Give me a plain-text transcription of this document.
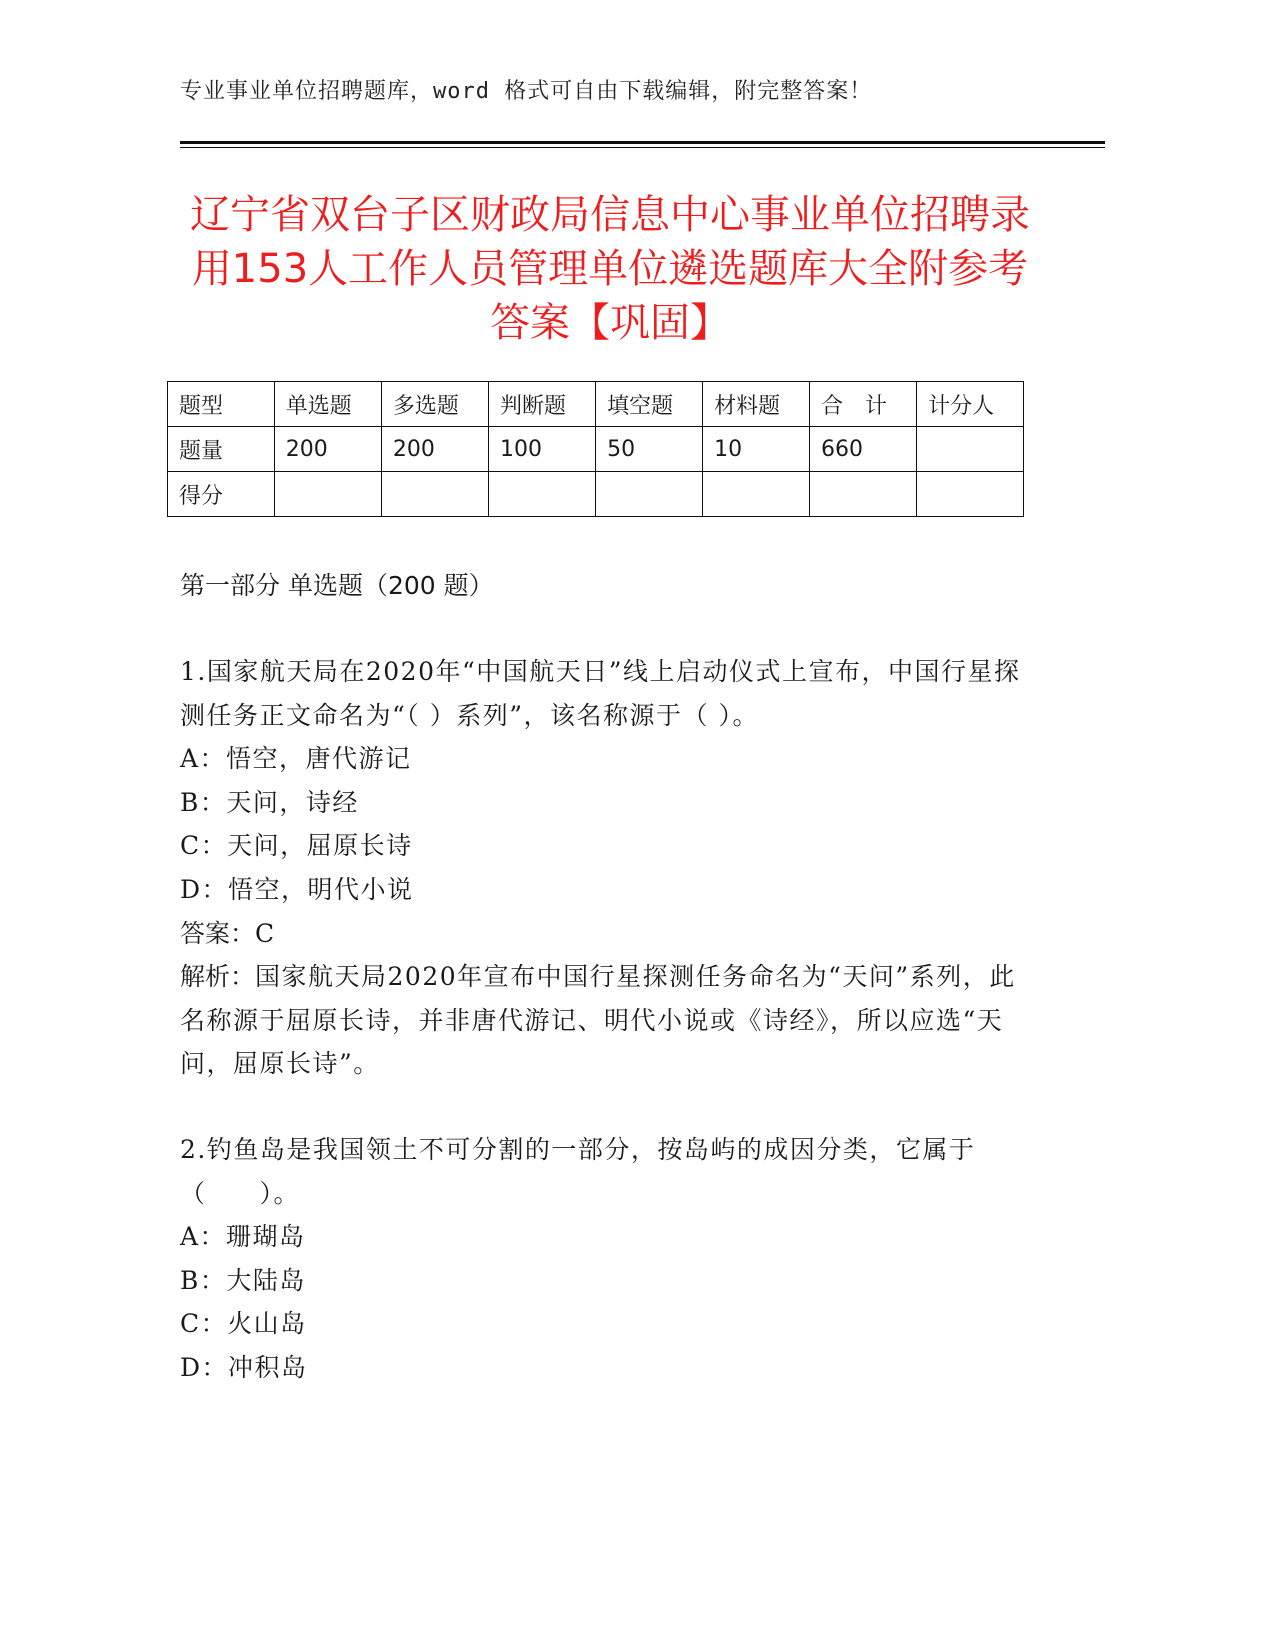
专业事业单位招聘题库，word 格式可自由下载编辑，附完整答案！
辽宁省双台子区财政局信息中心事业单位招聘录用153人工作人员管理单位遴选题库大全附参考答案【巩固】
题型	单选题	多选题	判断题	填空题	材料题	合　计	计分人
题量	200	200	100	50	10	660	
得分							
第一部分 单选题（200 题）

1.国家航天局在2020年“中国航天日”线上启动仪式上宣布，中国行星探测任务正文命名为“（ ）系列”，该名称源于（ ）。

A：悟空，唐代游记

B：天问，诗经

C：天问，屈原长诗

D：悟空，明代小说

答案：C

解析：国家航天局2020年宣布中国行星探测任务命名为“天问”系列，此名称源于屈原长诗，并非唐代游记、明代小说或《诗经》，所以应选“天问，屈原长诗”。

2.钓鱼岛是我国领土不可分割的一部分，按岛屿的成因分类，它属于（　　）。

A：珊瑚岛

B：大陆岛

C：火山岛

D：冲积岛
